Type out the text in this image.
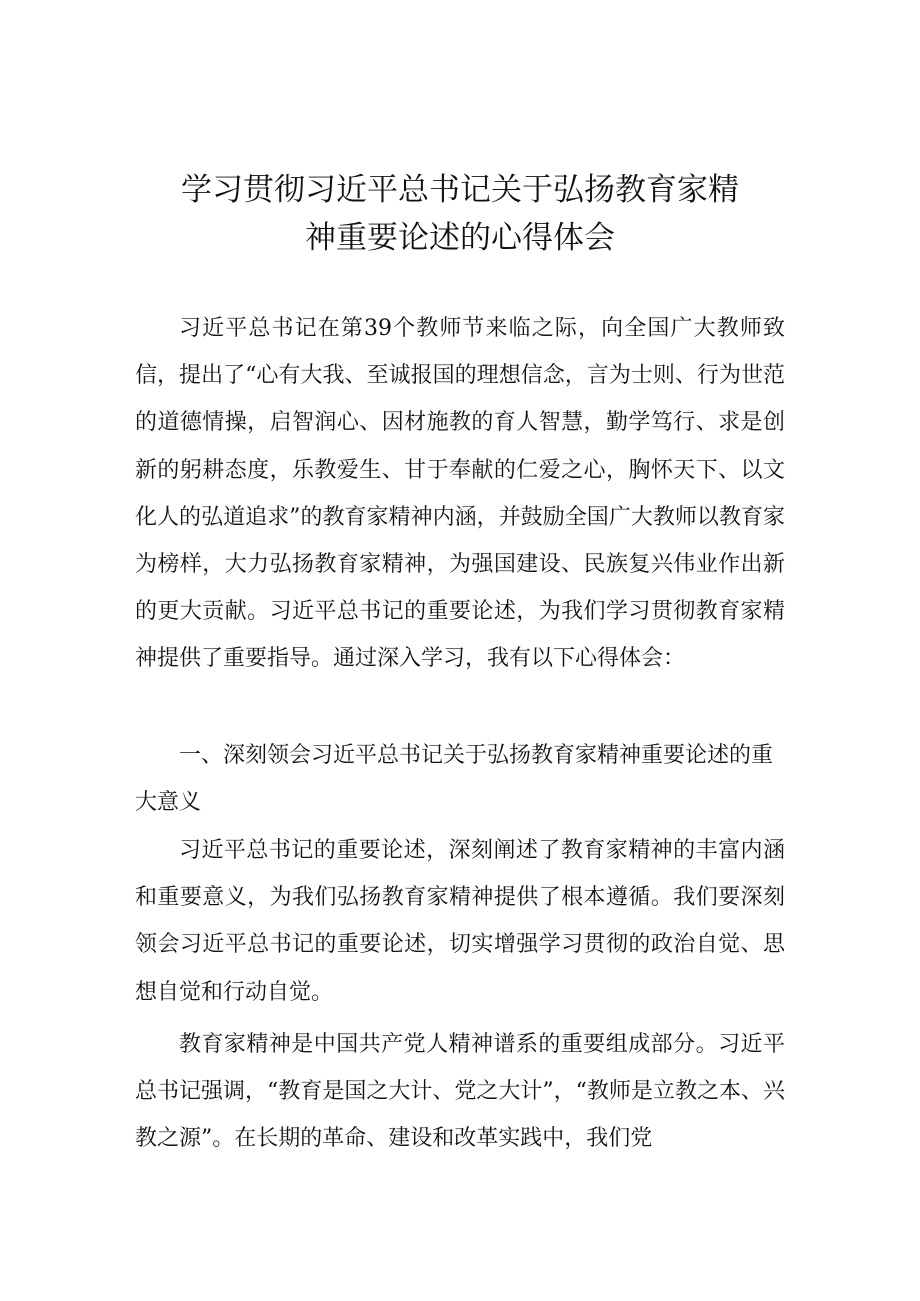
学习贯彻习近平总书记关于弘扬教育家精
神重要论述的心得体会

习近平总书记在第39个教师节来临之际，向全国广大教师致信，提出了“心有大我、至诚报国的理想信念，言为士则、行为世范的道德情操，启智润心、因材施教的育人智慧，勤学笃行、求是创新的躬耕态度，乐教爱生、甘于奉献的仁爱之心，胸怀天下、以文化人的弘道追求”的教育家精神内涵，并鼓励全国广大教师以教育家为榜样，大力弘扬教育家精神，为强国建设、民族复兴伟业作出新的更大贡献。习近平总书记的重要论述，为我们学习贯彻教育家精神提供了重要指导。通过深入学习，我有以下心得体会：

一、深刻领会习近平总书记关于弘扬教育家精神重要论述的重大意义

习近平总书记的重要论述，深刻阐述了教育家精神的丰富内涵和重要意义，为我们弘扬教育家精神提供了根本遵循。我们要深刻领会习近平总书记的重要论述，切实增强学习贯彻的政治自觉、思想自觉和行动自觉。

教育家精神是中国共产党人精神谱系的重要组成部分。习近平总书记强调，“教育是国之大计、党之大计”，“教师是立教之本、兴教之源”。在长期的革命、建设和改革实践中，我们党
